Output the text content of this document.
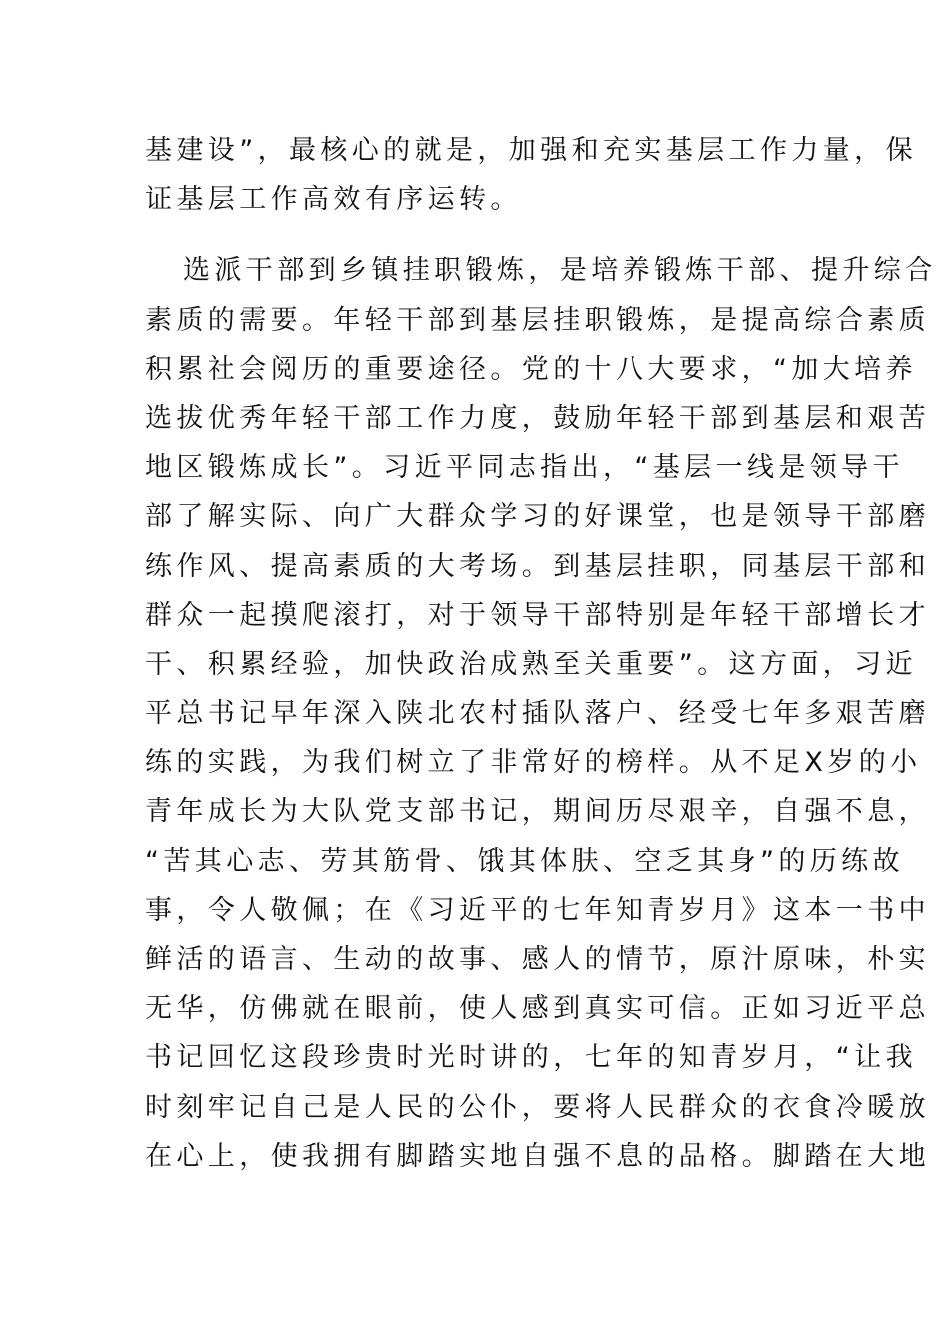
基建设”，最核心的就是，加强和充实基层工作力量，保
证基层工作高效有序运转。
选派干部到乡镇挂职锻炼，是培养锻炼干部、提升综合
素质的需要。年轻干部到基层挂职锻炼，是提高综合素质
积累社会阅历的重要途径。党的十八大要求，“加大培养
选拔优秀年轻干部工作力度，鼓励年轻干部到基层和艰苦
地区锻炼成长”。习近平同志指出，“基层一线是领导干
部了解实际、向广大群众学习的好课堂，也是领导干部磨
练作风、提高素质的大考场。到基层挂职，同基层干部和
群众一起摸爬滚打，对于领导干部特别是年轻干部增长才
干、积累经验，加快政治成熟至关重要”。这方面，习近
平总书记早年深入陕北农村插队落户、经受七年多艰苦磨
练的实践，为我们树立了非常好的榜样。从不足X岁的小
青年成长为大队党支部书记，期间历尽艰辛，自强不息，
“苦其心志、劳其筋骨、饿其体肤、空乏其身”的历练故
事，令人敬佩；在《习近平的七年知青岁月》这本一书中
鲜活的语言、生动的故事、感人的情节，原汁原味，朴实
无华，仿佛就在眼前，使人感到真实可信。正如习近平总
书记回忆这段珍贵时光时讲的，七年的知青岁月，“让我
时刻牢记自己是人民的公仆，要将人民群众的衣食冷暖放
在心上，使我拥有脚踏实地自强不息的品格。脚踏在大地
